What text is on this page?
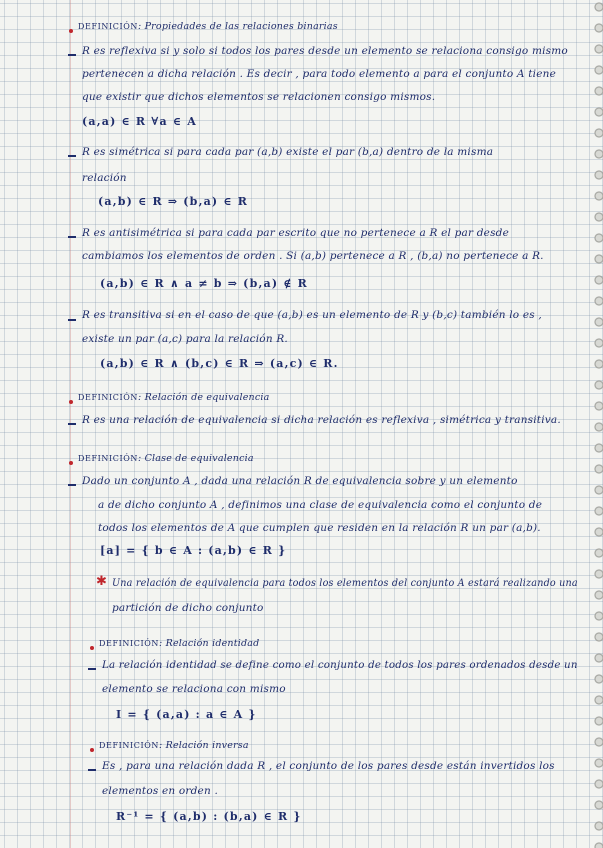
DEFINICIÓN: Propiedades de las relaciones binarias
R es reflexiva si y solo si todos los pares desde un elemento se relaciona consigo mismo
pertenecen a dicha relación . Es decir , para todo elemento a para el conjunto A tiene
que existir que dichos elementos se relacionen consigo mismos.
(a,a) ∈ R ∀a ∈ A
R es simétrica si para cada par (a,b) existe el par (b,a) dentro de la misma
relación
(a,b) ∈ R ⇒ (b,a) ∈ R
R es antisimétrica si para cada par escrito que no pertenece a R el par desde
cambiamos los elementos de orden . Si (a,b) pertenece a R , (b,a) no pertenece a R.
(a,b) ∈ R ∧ a ≠ b ⇒ (b,a) ∉ R
R es transitiva si en el caso de que (a,b) es un elemento de R y (b,c) también lo es ,
existe un par (a,c) para la relación R.
(a,b) ∈ R ∧ (b,c) ∈ R ⇒ (a,c) ∈ R.
DEFINICIÓN: Relación de equivalencia
R es una relación de equivalencia si dicha relación es reflexiva , simétrica y transitiva.
DEFINICIÓN: Clase de equivalencia
Dado un conjunto A , dada una relación R de equivalencia sobre y un elemento
a de dicho conjunto A , definimos una clase de equivalencia como el conjunto de
todos los elementos de A que cumplen que residen en la relación R un par (a,b).
[a] = { b ∈ A : (a,b) ∈ R }
✱ Una relación de equivalencia para todos los elementos del conjunto A estará realizando una
partición de dicho conjunto
DEFINICIÓN: Relación identidad
La relación identidad se define como el conjunto de todos los pares ordenados desde un
elemento se relaciona con mismo
I = { (a,a) : a ∈ A }
DEFINICIÓN: Relación inversa
Es , para una relación dada R , el conjunto de los pares desde están invertidos los
elementos en orden .
R⁻¹ = { (a,b) : (b,a) ∈ R }
